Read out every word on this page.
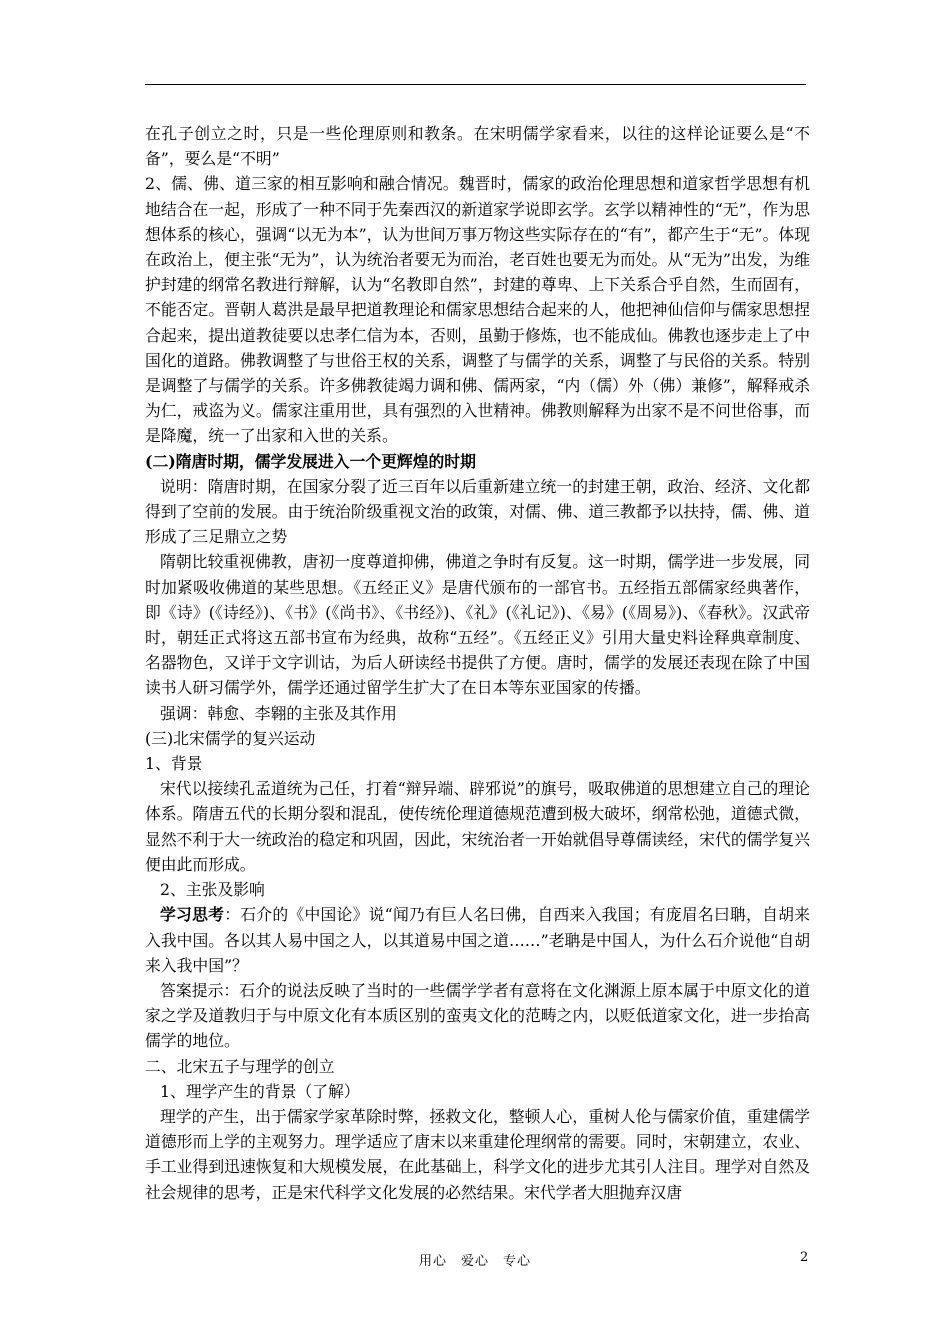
在孔子创立之时，只是一些伦理原则和教条。在宋明儒学家看来，以往的这样论证要么是“不备”，要么是“不明”

2、儒、佛、道三家的相互影响和融合情况。魏晋时，儒家的政治伦理思想和道家哲学思想有机地结合在一起，形成了一种不同于先秦西汉的新道家学说即玄学。玄学以精神性的“无”，作为思想体系的核心，强调“以无为本”，认为世间万事万物这些实际存在的“有”，都产生于“无”。体现在政治上，便主张“无为”，认为统治者要无为而治，老百姓也要无为而处。从“无为”出发，为维护封建的纲常名教进行辩解，认为“名教即自然”，封建的尊卑、上下关系合乎自然，生而固有，不能否定。晋朝人葛洪是最早把道教理论和儒家思想结合起来的人，他把神仙信仰与儒家思想捏合起来，提出道教徒要以忠孝仁信为本，否则，虽勤于修炼，也不能成仙。佛教也逐步走上了中国化的道路。佛教调整了与世俗王权的关系，调整了与儒学的关系，调整了与民俗的关系。特别是调整了与儒学的关系。许多佛教徒竭力调和佛、儒两家，“内（儒）外（佛）兼修”，解释戒杀为仁，戒盗为义。儒家注重用世，具有强烈的入世精神。佛教则解释为出家不是不问世俗事，而是降魔，统一了出家和入世的关系。

(二)隋唐时期，儒学发展进入一个更辉煌的时期

说明：隋唐时期，在国家分裂了近三百年以后重新建立统一的封建王朝，政治、经济、文化都得到了空前的发展。由于统治阶级重视文治的政策，对儒、佛、道三教都予以扶持，儒、佛、道形成了三足鼎立之势

隋朝比较重视佛教，唐初一度尊道抑佛，佛道之争时有反复。这一时期，儒学进一步发展，同时加紧吸收佛道的某些思想。《五经正义》是唐代颁布的一部官书。五经指五部儒家经典著作，即《诗》(《诗经》)、《书》(《尚书》、《书经》)、《礼》(《礼记》)、《易》(《周易》)、《春秋》。汉武帝时，朝廷正式将这五部书宣布为经典，故称“五经”。《五经正义》引用大量史料诠释典章制度、名器物色，又详于文字训诂，为后人研读经书提供了方便。唐时，儒学的发展还表现在除了中国读书人研习儒学外，儒学还通过留学生扩大了在日本等东亚国家的传播。

强调：韩愈、李翱的主张及其作用

(三)北宋儒学的复兴运动

1、背景

宋代以接续孔孟道统为己任，打着“辩异端、辟邪说”的旗号，吸取佛道的思想建立自己的理论体系。隋唐五代的长期分裂和混乱，使传统伦理道德规范遭到极大破坏，纲常松弛，道德式微，显然不利于大一统政治的稳定和巩固，因此，宋统治者一开始就倡导尊儒读经，宋代的儒学复兴便由此而形成。

2、主张及影响

学习思考：石介的《中国论》说“闻乃有巨人名曰佛，自西来入我国；有庞眉名曰聃，自胡来入我中国。各以其人易中国之人，以其道易中国之道……”老聃是中国人，为什么石介说他“自胡来入我中国”？

答案提示：石介的说法反映了当时的一些儒学学者有意将在文化渊源上原本属于中原文化的道家之学及道教归于与中原文化有本质区别的蛮夷文化的范畴之内，以贬低道家文化，进一步抬高儒学的地位。

二、北宋五子与理学的创立

1、理学产生的背景（了解）

理学的产生，出于儒家学家革除时弊，拯救文化，整顿人心，重树人伦与儒家价值，重建儒学道德形而上学的主观努力。理学适应了唐末以来重建伦理纲常的需要。同时，宋朝建立，农业、手工业得到迅速恢复和大规模发展，在此基础上，科学文化的进步尤其引人注目。理学对自然及社会规律的思考，正是宋代科学文化发展的必然结果。宋代学者大胆抛弃汉唐

用心　爱心　专心	2
